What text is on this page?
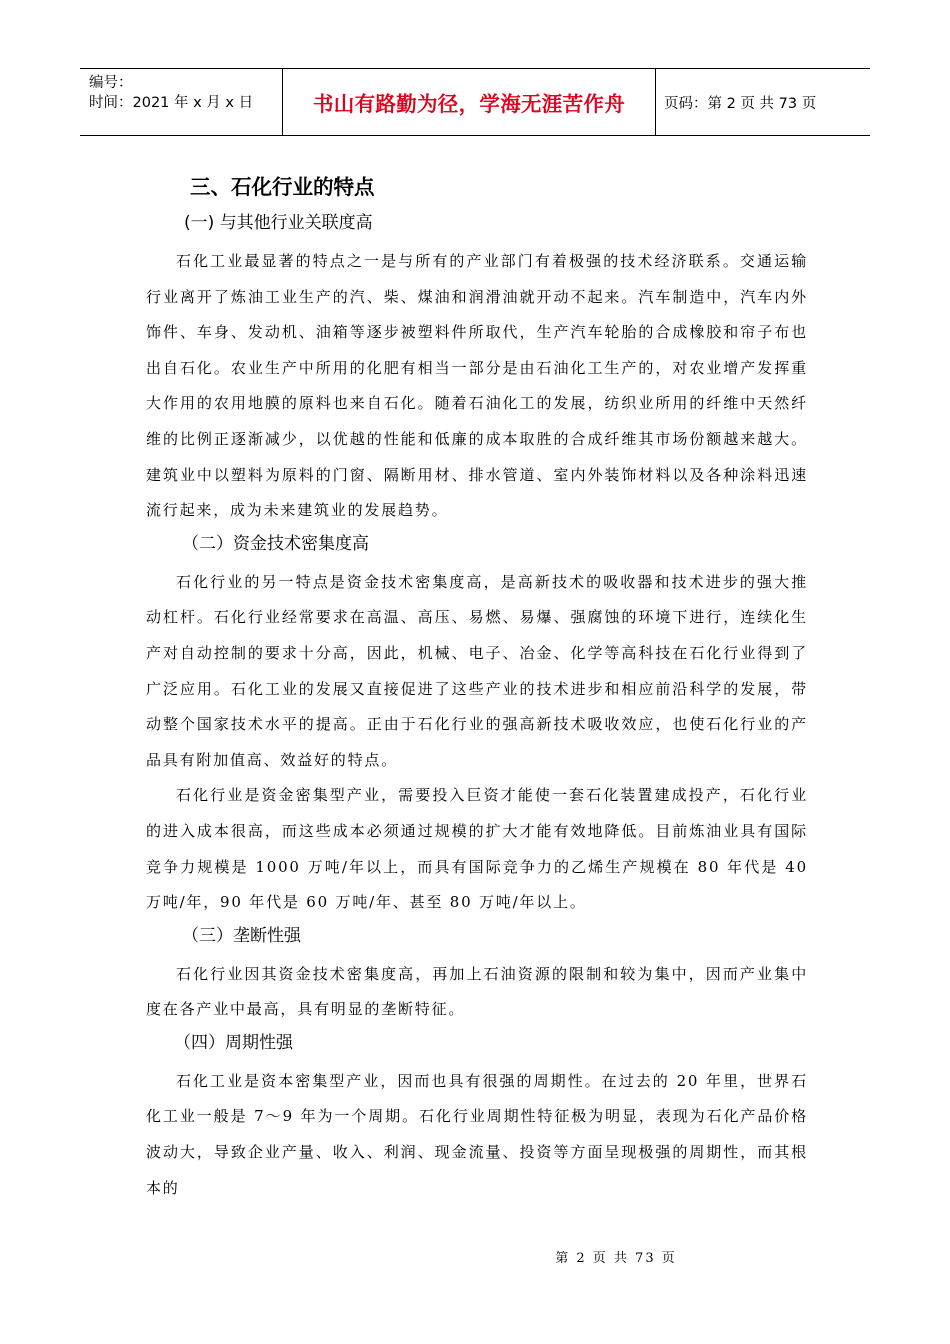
编号：
时间：2021 年 x 月 x 日	书山有路勤为径，学海无涯苦作舟	页码：第 2 页 共 73 页
三、石化行业的特点
(一) 与其他行业关联度高

石化工业最显著的特点之一是与所有的产业部门有着极强的技术经济联系。交通运输行业离开了炼油工业生产的汽、柴、煤油和润滑油就开动不起来。汽车制造中，汽车内外饰件、车身、发动机、油箱等逐步被塑料件所取代，生产汽车轮胎的合成橡胶和帘子布也出自石化。农业生产中所用的化肥有相当一部分是由石油化工生产的，对农业增产发挥重大作用的农用地膜的原料也来自石化。随着石油化工的发展，纺织业所用的纤维中天然纤维的比例正逐渐减少，以优越的性能和低廉的成本取胜的合成纤维其市场份额越来越大。建筑业中以塑料为原料的门窗、隔断用材、排水管道、室内外装饰材料以及各种涂料迅速流行起来，成为未来建筑业的发展趋势。

（二）资金技术密集度高

石化行业的另一特点是资金技术密集度高，是高新技术的吸收器和技术进步的强大推动杠杆。石化行业经常要求在高温、高压、易燃、易爆、强腐蚀的环境下进行，连续化生产对自动控制的要求十分高，因此，机械、电子、冶金、化学等高科技在石化行业得到了广泛应用。石化工业的发展又直接促进了这些产业的技术进步和相应前沿科学的发展，带动整个国家技术水平的提高。正由于石化行业的强高新技术吸收效应，也使石化行业的产品具有附加值高、效益好的特点。

石化行业是资金密集型产业，需要投入巨资才能使一套石化装置建成投产，石化行业的进入成本很高，而这些成本必须通过规模的扩大才能有效地降低。目前炼油业具有国际竞争力规模是 1000 万吨/年以上，而具有国际竞争力的乙烯生产规模在 80 年代是 40 万吨/年，90 年代是 60 万吨/年、甚至 80 万吨/年以上。

（三）垄断性强

石化行业因其资金技术密集度高，再加上石油资源的限制和较为集中，因而产业集中度在各产业中最高，具有明显的垄断特征。

（四）周期性强

石化工业是资本密集型产业，因而也具有很强的周期性。在过去的 20 年里，世界石化工业一般是 7～9 年为一个周期。石化行业周期性特征极为明显，表现为石化产品价格波动大，导致企业产量、收入、利润、现金流量、投资等方面呈现极强的周期性，而其根本的

第 2 页 共 73 页
